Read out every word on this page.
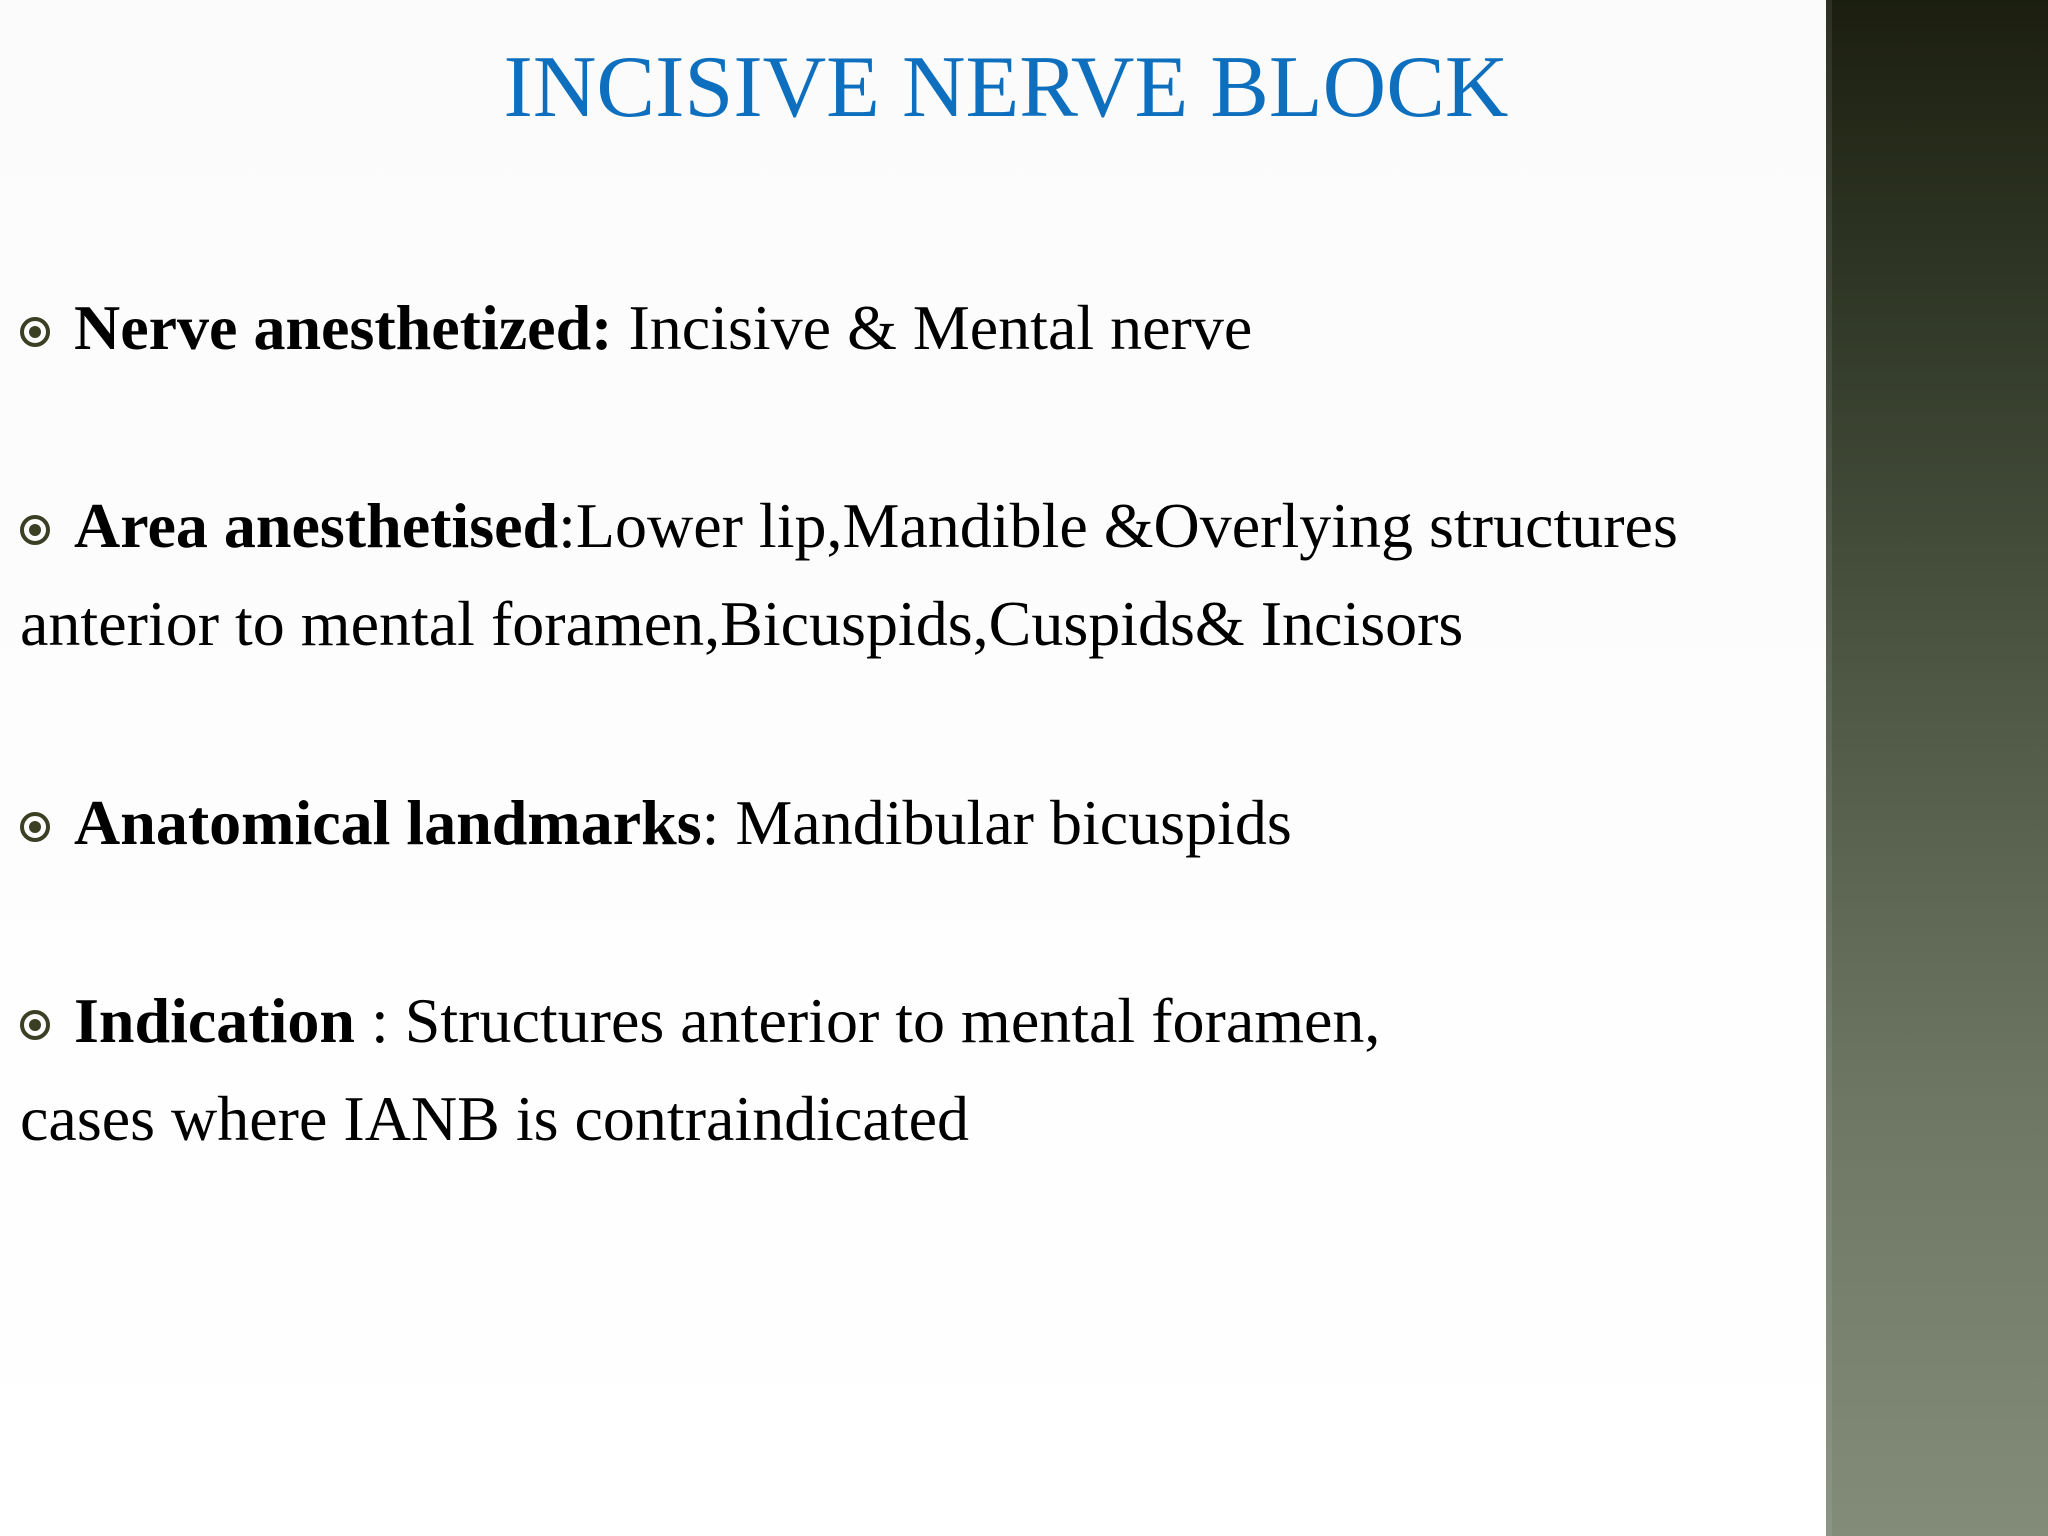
INCISIVE NERVE BLOCK
Nerve anesthetized: Incisive & Mental nerve
Area anesthetised:Lower lip,Mandible &Overlying structures
anterior to mental foramen,Bicuspids,Cuspids& Incisors
Anatomical landmarks: Mandibular bicuspids
Indication : Structures anterior to mental foramen,
cases where IANB is contraindicated
